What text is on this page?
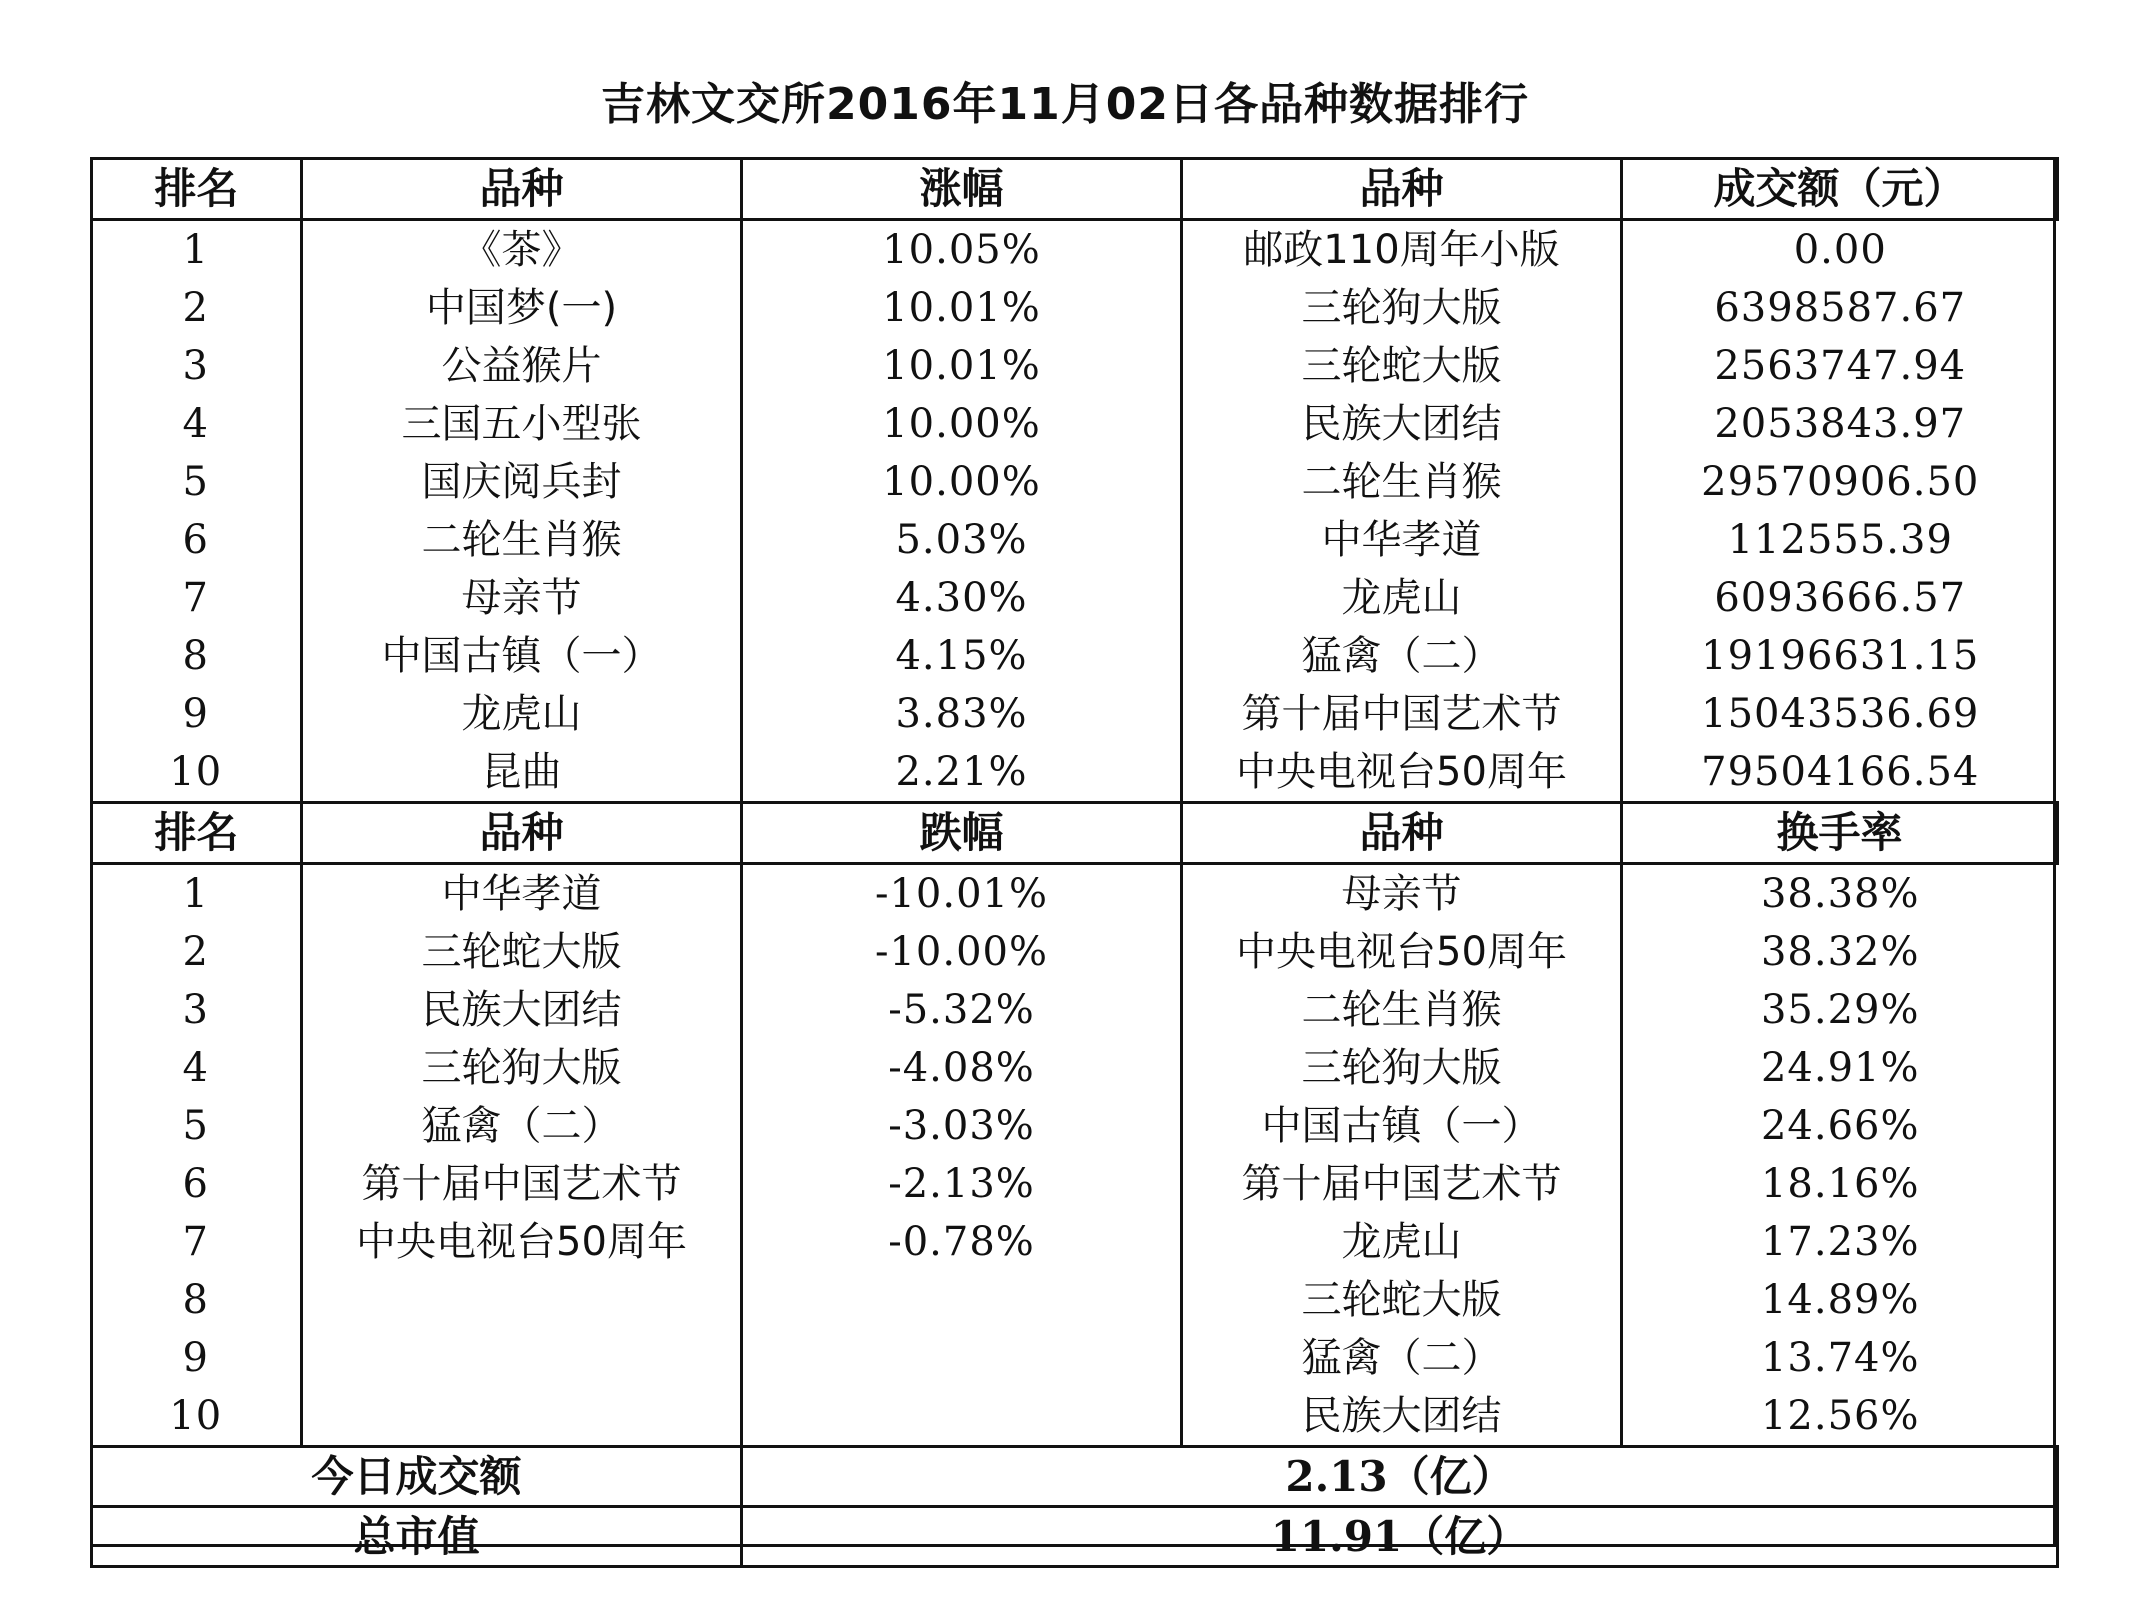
吉林文交所2016年11月02日各品种数据排行
排名	品种	涨幅	品种	成交额（元）
1	《茶》	10.05%	邮政110周年小版	0.00
2	中国梦(一)	10.01%	三轮狗大版	6398587.67
3	公益猴片	10.01%	三轮蛇大版	2563747.94
4	三国五小型张	10.00%	民族大团结	2053843.97
5	国庆阅兵封	10.00%	二轮生肖猴	29570906.50
6	二轮生肖猴	5.03%	中华孝道	112555.39
7	母亲节	4.30%	龙虎山	6093666.57
8	中国古镇（一）	4.15%	猛禽（二）	19196631.15
9	龙虎山	3.83%	第十届中国艺术节	15043536.69
10	昆曲	2.21%	中央电视台50周年	79504166.54
排名	品种	跌幅	品种	换手率
1	中华孝道	-10.01%	母亲节	38.38%
2	三轮蛇大版	-10.00%	中央电视台50周年	38.32%
3	民族大团结	-5.32%	二轮生肖猴	35.29%
4	三轮狗大版	-4.08%	三轮狗大版	24.91%
5	猛禽（二）	-3.03%	中国古镇（一）	24.66%
6	第十届中国艺术节	-2.13%	第十届中国艺术节	18.16%
7	中央电视台50周年	-0.78%	龙虎山	17.23%
8			三轮蛇大版	14.89%
9			猛禽（二）	13.74%
10			民族大团结	12.56%
今日成交额		2.13（亿）		
总市值		11.91（亿）		
